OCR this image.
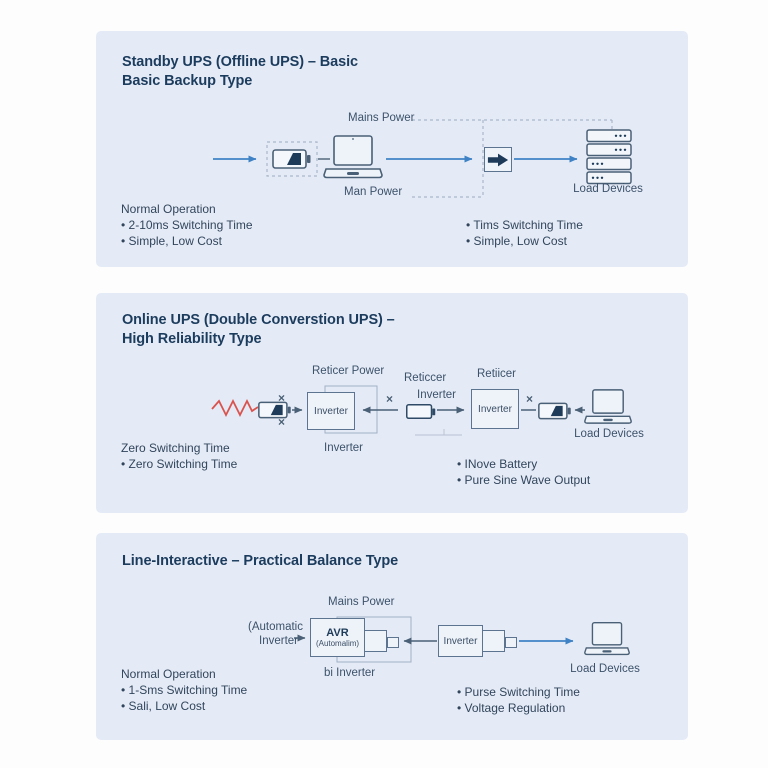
Standby UPS (Offline UPS) – Basic
Basic Backup Type
Mains Power
Man Power	Load Devices
Normal Operation
• 2-10ms Switching Time
• Simple, Low Cost
• Tims Switching Time
• Simple, Low Cost
Online UPS (Double Converstion UPS) –
High Reliability Type
Reticer Power
Reticcer
Inverter
Retiicer
×
×
×	×
Inverter	Inverter
Load Devices
Inverter
Zero Switching Time
• Zero Switching Time	• INove Battery
• Pure Sine Wave Output
Line-Interactive – Practical Balance Type
Mains Power
(Automatic
Inverter
AVR
(Automalim)	Inverter
Load Devices
bi Inverter
Normal Operation
• 1-Sms Switching Time
• Sali, Low Cost
• Purse Switching Time
• Voltage Regulation
